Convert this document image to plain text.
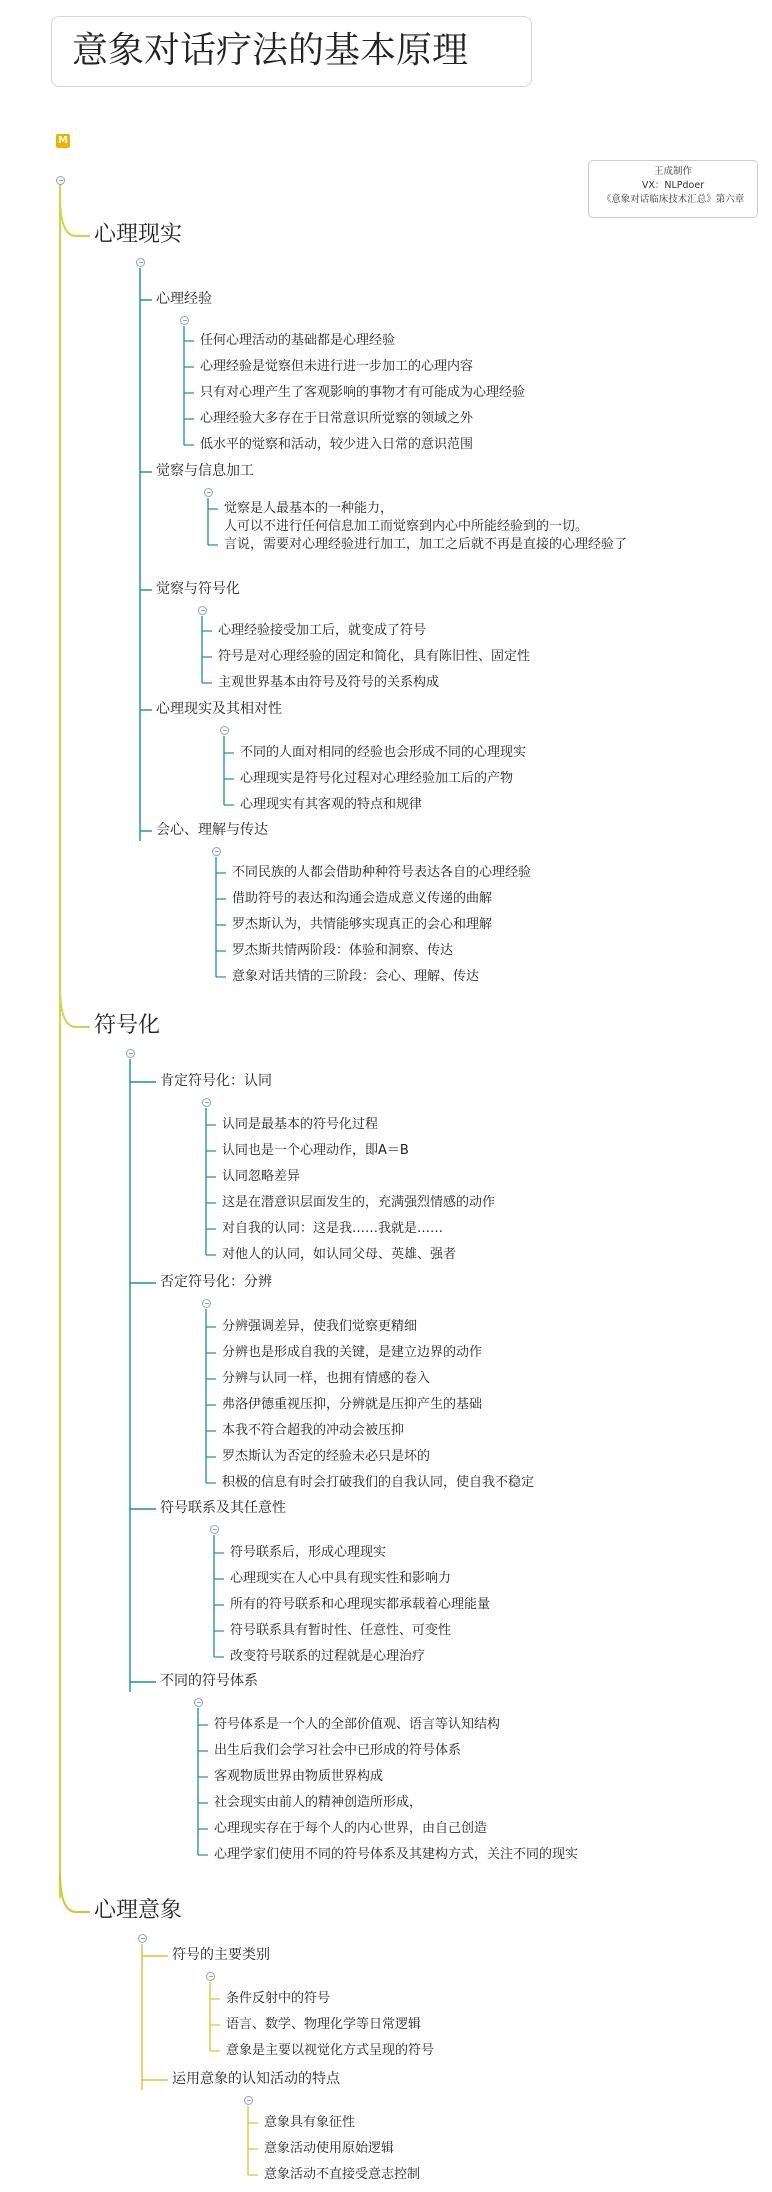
意象对话疗法的基本原理
M
王成制作
VX：NLPdoer
《意象对话临床技术汇总》第六章
心理现实
心理经验
任何心理活动的基础都是心理经验
心理经验是觉察但未进行进一步加工的心理内容
只有对心理产生了客观影响的事物才有可能成为心理经验
心理经验大多存在于日常意识所觉察的领域之外
低水平的觉察和活动，较少进入日常的意识范围
觉察与信息加工
觉察是人最基本的一种能力，
人可以不进行任何信息加工而觉察到内心中所能经验到的一切。
言说，需要对心理经验进行加工，加工之后就不再是直接的心理经验了
觉察与符号化
心理经验接受加工后，就变成了符号
符号是对心理经验的固定和简化，具有陈旧性、固定性
主观世界基本由符号及符号的关系构成
心理现实及其相对性
不同的人面对相同的经验也会形成不同的心理现实
心理现实是符号化过程对心理经验加工后的产物
心理现实有其客观的特点和规律
会心、理解与传达
不同民族的人都会借助种种符号表达各自的心理经验
借助符号的表达和沟通会造成意义传递的曲解
罗杰斯认为，共情能够实现真正的会心和理解
罗杰斯共情两阶段：体验和洞察、传达
意象对话共情的三阶段：会心、理解、传达
符号化
肯定符号化：认同
认同是最基本的符号化过程
认同也是一个心理动作，即A＝B
认同忽略差异
这是在潜意识层面发生的，充满强烈情感的动作
对自我的认同：这是我……我就是……
对他人的认同，如认同父母、英雄、强者
否定符号化：分辨
分辨强调差异，使我们觉察更精细
分辨也是形成自我的关键，是建立边界的动作
分辨与认同一样，也拥有情感的卷入
弗洛伊德重视压抑，分辨就是压抑产生的基础
本我不符合超我的冲动会被压抑
罗杰斯认为否定的经验未必只是坏的
积极的信息有时会打破我们的自我认同，使自我不稳定
符号联系及其任意性
符号联系后，形成心理现实
心理现实在人心中具有现实性和影响力
所有的符号联系和心理现实都承载着心理能量
符号联系具有暂时性、任意性、可变性
改变符号联系的过程就是心理治疗
不同的符号体系
符号体系是一个人的全部价值观、语言等认知结构
出生后我们会学习社会中已形成的符号体系
客观物质世界由物质世界构成
社会现实由前人的精神创造所形成，
心理现实存在于每个人的内心世界，由自己创造
心理学家们使用不同的符号体系及其建构方式，关注不同的现实
心理意象
符号的主要类别
条件反射中的符号
语言、数学、物理化学等日常逻辑
意象是主要以视觉化方式呈现的符号
运用意象的认知活动的特点
意象具有象征性
意象活动使用原始逻辑
意象活动不直接受意志控制
